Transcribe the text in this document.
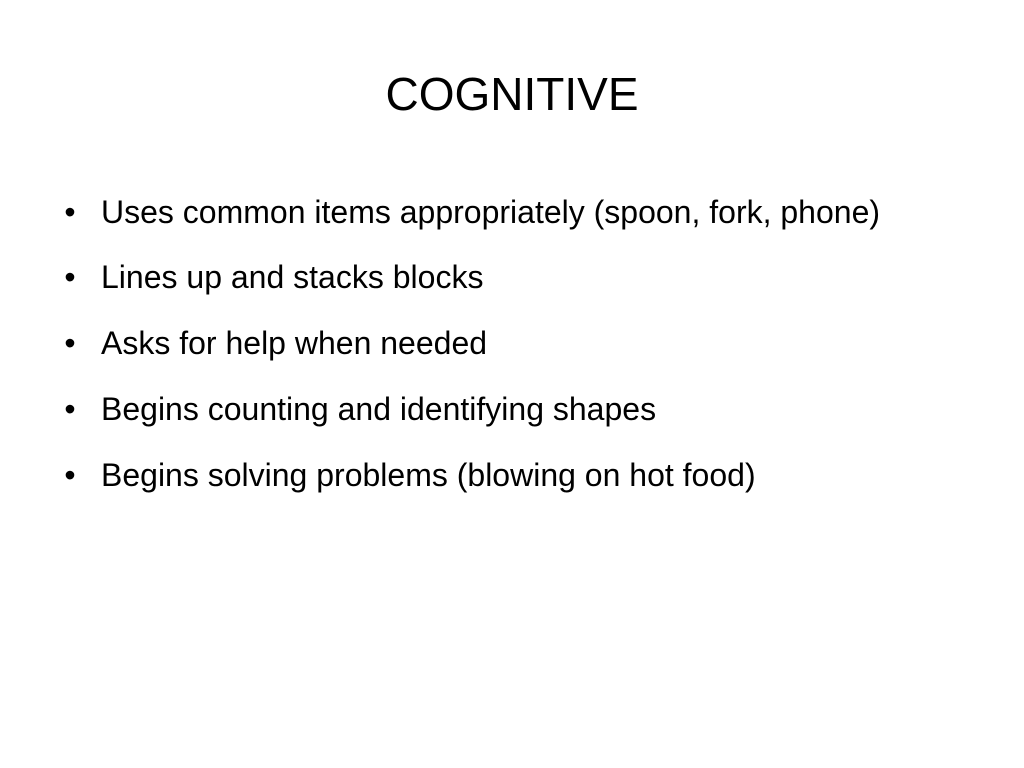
COGNITIVE
• Uses common items appropriately (spoon, fork, phone)
• Lines up and stacks blocks
• Asks for help when needed
• Begins counting and identifying shapes
• Begins solving problems (blowing on hot food)
